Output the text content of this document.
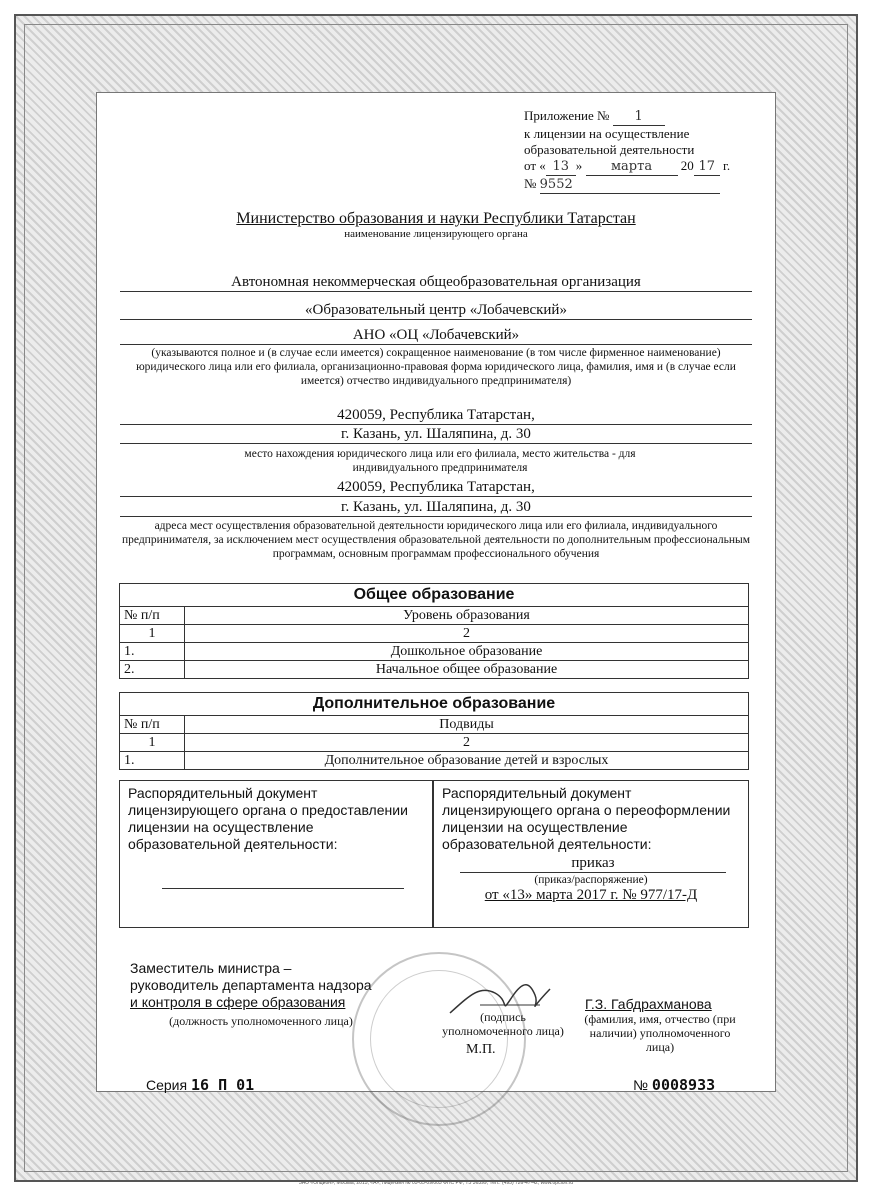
Приложение № 1
к лицензии на осуществление
образовательной деятельности
от « 13 » марта 20 17 г.
№ 9552
Министерство образования и науки Республики Татарстан
наименование лицензирующего органа
Автономная некоммерческая общеобразовательная организация
«Образовательный центр «Лобачевский»
АНО «ОЦ «Лобачевский»
(указываются полное и (в случае если имеется) сокращенное наименование (в том числе фирменное наименование) юридического лица или его филиала, организационно-правовая форма юридического лица, фамилия, имя и (в случае если имеется) отчество индивидуального предпринимателя)
420059, Республика Татарстан,
г. Казань, ул. Шаляпина, д. 30
место нахождения юридического лица или его филиала, место жительства - для индивидуального предпринимателя
420059, Республика Татарстан,
г. Казань, ул. Шаляпина, д. 30
адреса мест осуществления образовательной деятельности юридического лица или его филиала, индивидуального предпринимателя, за исключением мест осуществления образовательной деятельности по дополнительным профессиональным программам, основным программам профессионального обучения
Общее образование	
№ п/п	Уровень образования
1	2
1.	Дошкольное образование
2.	Начальное общее образование
Дополнительное образование	
№ п/п	Подвиды
1	2
1.	Дополнительное образование детей и взрослых
Распорядительный документ лицензирующего органа о предоставлении лицензии на осуществление образовательной деятельности:

Распорядительный документ лицензирующего органа о переоформлении лицензии на осуществление образовательной деятельности:
приказ
(приказ/распоряжение)
от «13» марта 2017 г. № 977/17-Д
Заместитель министра –
руководитель департамента надзора
и контроля в сфере образования
(должность уполномоченного лица)	(подпись уполномоченного лица)
М.П.
Г.З. Габдрахманова
(фамилия, имя, отчество (при наличии) уполномоченного лица)
Серия 16 П 01	№ 0008933
ЗАО «Опцион», Москва, 2015, «А», лицензия № 05-05-09/003 ФНС РФ, ТЗ 36399, Тел.: (495) 726-47-42, www.opcion.ru
